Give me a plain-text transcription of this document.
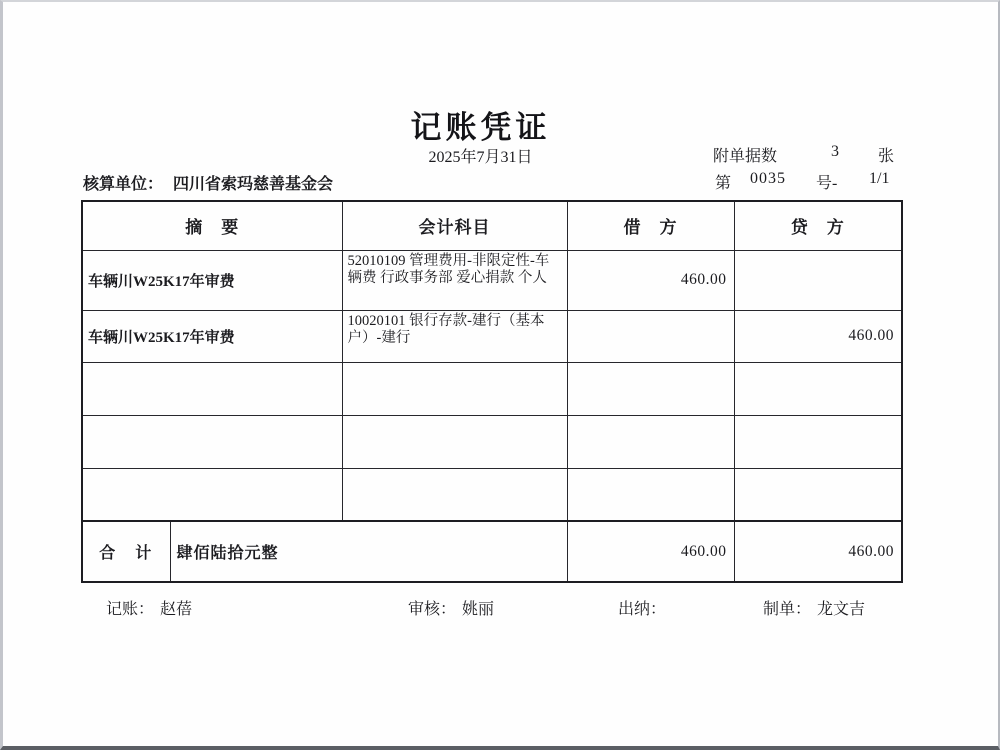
记账凭证
2025年7月31日	附单据数	3 张
第 0035 号- 1/1
核算单位： 四川省索玛慈善基金会
摘　要		会计科目	借　方	贷　方
车辆川W25K17年审费		52010109 管理费用-非限定性-车辆费 行政事务部 爱心捐款 个人	460.00	
车辆川W25K17年审费		10020101 银行存款-建行（基本户）-建行		460.00

合　计	肆佰陆拾元整		460.00	460.00
记账： 赵蓓	审核： 姚丽	出纳：	制单： 龙文吉
